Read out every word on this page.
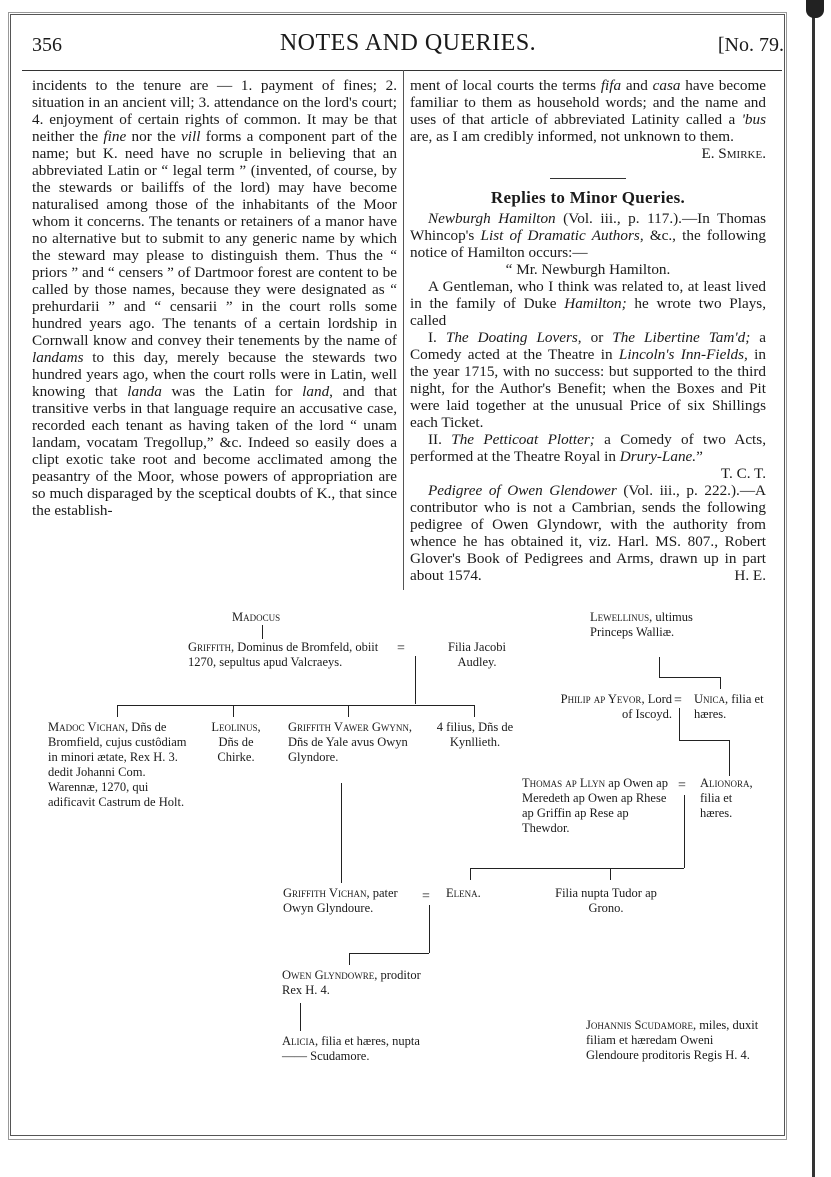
356	NOTES AND QUERIES.	[No. 79.

incidents to the tenure are — 1. payment of fines; 2. situation in an ancient vill; 3. attendance on the lord's court; 4. enjoyment of certain rights of common. It may be that neither the fine nor the vill forms a component part of the name; but K. need have no scruple in believing that an abbreviated Latin or “ legal term ” (invented, of course, by the stewards or bailiffs of the lord) may have become naturalised among those of the inhabitants of the Moor whom it concerns. The tenants or retainers of a manor have no alternative but to submit to any generic name by which the steward may please to distinguish them. Thus the “ priors ” and “ censers ” of Dartmoor forest are content to be called by those names, because they were designated as “ prehurdarii ” and “ censarii ” in the court rolls some hundred years ago. The tenants of a certain lordship in Cornwall know and convey their tenements by the name of landams to this day, merely because the stewards two hundred years ago, when the court rolls were in Latin, well knowing that landa was the Latin for land, and that transitive verbs in that language require an accusative case, recorded each tenant as having taken of the lord “ unam landam, vocatam Tregollup,” &c. Indeed so easily does a clipt exotic take root and become acclimated among the peasantry of the Moor, whose powers of appropriation are so much disparaged by the sceptical doubts of K., that since the establish-

ment of local courts the terms fifa and casa have become familiar to them as household words; and the name and uses of that article of abbreviated Latinity called a 'bus are, as I am credibly informed, not unknown to them.

E. Smirke.

Replies to Minor Queries.

Newburgh Hamilton (Vol. iii., p. 117.).—In Thomas Whincop's List of Dramatic Authors, &c., the following notice of Hamilton occurs:—

“ Mr. Newburgh Hamilton.

A Gentleman, who I think was related to, at least lived in the family of Duke Hamilton; he wrote two Plays, called

I. The Doating Lovers, or The Libertine Tam'd; a Comedy acted at the Theatre in Lincoln's Inn-Fields, in the year 1715, with no success: but supported to the third night, for the Author's Benefit; when the Boxes and Pit were laid together at the unusual Price of six Shillings each Ticket.

II. The Petticoat Plotter; a Comedy of two Acts, performed at the Theatre Royal in Drury-Lane.”

T. C. T.

Pedigree of Owen Glendower (Vol. iii., p. 222.).—A contributor who is not a Cambrian, sends the following pedigree of Owen Glyndowr, with the authority from whence he has obtained it, viz. Harl. MS. 807., Robert Glover's Book of Pedigrees and Arms, drawn up in part about 1574.	H. E.

Madocus
Griffith, Dominus de Bromfeld, obiit 1270, sepultus apud Valcraeys.
=	Filia Jacobi Audley.
Lewellinus, ultimus Princeps Walliæ.
Philip ap Yevor, Lord of Iscoyd.
= Unica, filia et hæres.
Madoc Vichan, Dñs de Bromfield, cujus custôdiam in minori ætate, Rex H. 3. dedit Johanni Com. Warennæ, 1270, qui adificavit Castrum de Holt.
Leolinus, Dñs de Chirke.
Griffith Vawer Gwynn, Dñs de Yale avus Owyn Glyndore.
4 filius, Dñs de Kynllieth.
Thomas ap Llyn ap Owen ap Meredeth ap Owen ap Rhese ap Griffin ap Rese ap Thewdor.
= Alionora, filia et hæres.
Griffith Vichan, pater Owyn Glyndoure.
= Elena.	Filia nupta Tudor ap Grono.
Owen Glyndowre, proditor Rex H. 4.
Alicia, filia et hæres, nupta —— Scudamore.
Johannis Scudamore, miles, duxit filiam et hæredam Oweni Glendoure proditoris Regis H. 4.
